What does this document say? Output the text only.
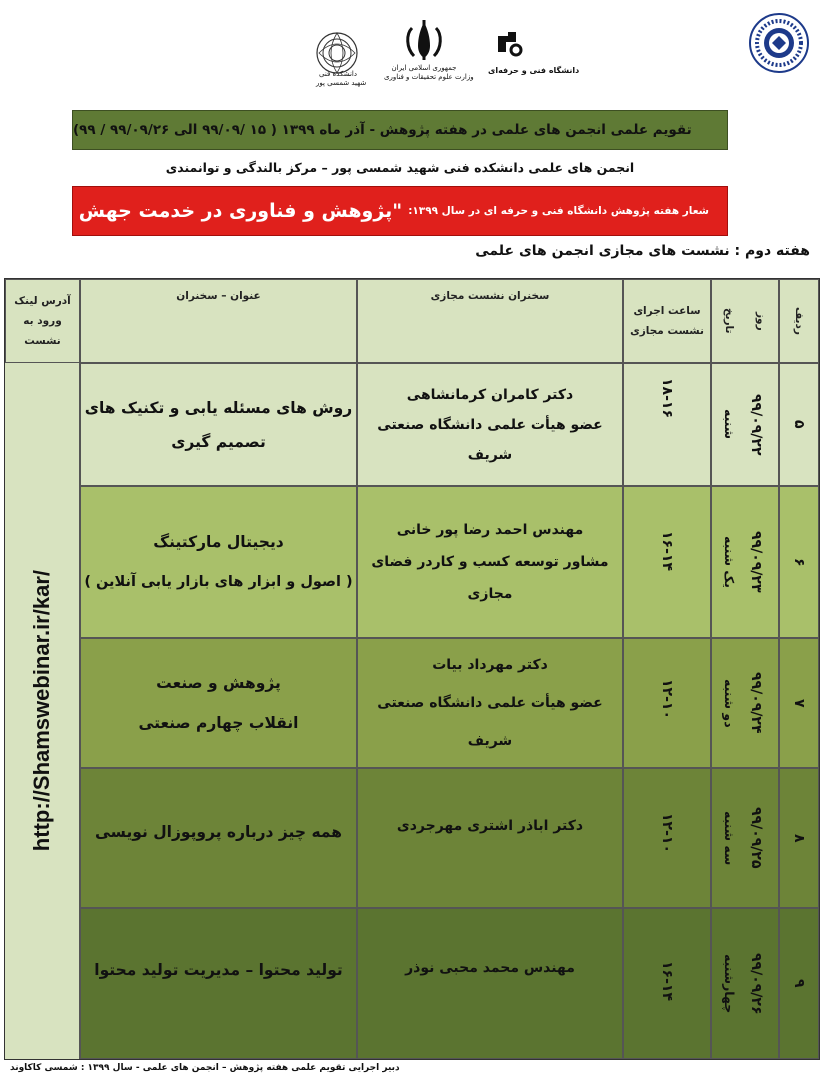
دانشکده فنی
شهید شمسی پور
جمهوری اسلامی ایران
وزارت علوم تحقیقات و فناوری
دانشگاه فنی و حرفه‌ای
تقویم علمی انجمن های علمی در هفته پژوهش - آذر ماه ۱۳۹۹ ( ۱۵ /۹۹/۰۹ الی ۹۹/۰۹/۲۶ / ۹۹)
انجمن های علمی دانشکده فنی شهید شمسی پور – مرکز بالندگی و توانمندی
شعار هفته پژوهش دانشگاه فنی و حرفه ای در سال ۱۳۹۹:
"پژوهش و فناوری در خدمت جهش تولید"
هفته دوم : نشست های مجازی انجمن های علمی
ردیف
تاریخ	روز
ساعت اجرای
نشست مجازی
سخنران نشست مجازی
عنوان – سخنران
آدرس لینک
ورود به
نشست
http://Shamswebinar.ir/kar/
۵
۹۹/۰۹/۲۲
شنبه
۱۸-۱۶
دکتر کامران کرمانشاهی
عضو هیأت علمی دانشگاه صنعتی شریف
روش های مسئله یابی و تکنیک های
تصمیم گیری
۶
۹۹/۰۹/۲۳
یک شنبه
۱۶-۱۴
مهندس احمد رضا پور خانی
مشاور توسعه کسب و کاردر فضای
مجازی
دیجیتال مارکتینگ
( اصول و ابزار های بازار یابی آنلاین )
۷
۹۹/۰۹/۲۴
دو شنبه
۱۲-۱۰
دکتر مهرداد بیات
عضو هیأت علمی دانشگاه صنعتی شریف
پژوهش و صنعت
انقلاب چهارم صنعتی
۸
۹۹/۰۹/۲۵
سه شنبه
۱۲-۱۰
دکتر اباذر اشتری مهرجردی
همه چیز درباره پروپوزال نویسی
۹
۹۹/۰۹/۲۶
چهارشنبه
۱۶-۱۴
مهندس محمد محبی نوذر
تولید محتوا – مدیریت تولید محتوا
دبیر اجرایی تقویم علمی هفته پژوهش – انجمن های علمی - سال ۱۳۹۹ : شمسی کاکاوند
